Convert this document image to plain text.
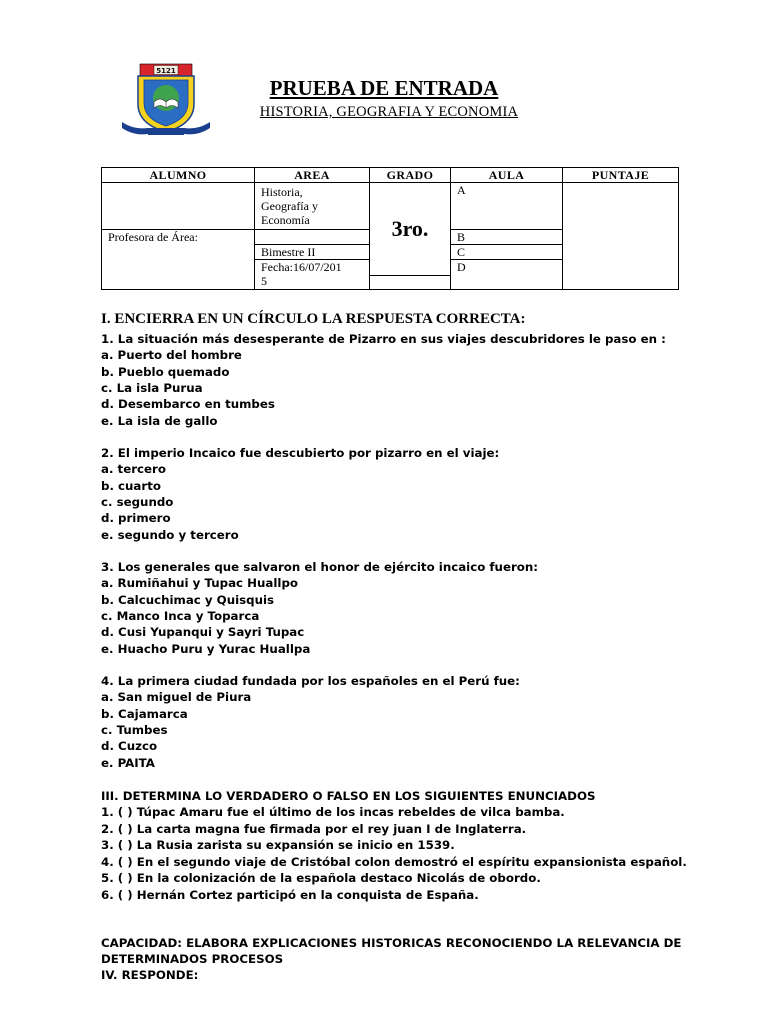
5121
PRUEBA DE ENTRADA
HISTORIA, GEOGRAFIA Y ECONOMIA
ALUMNO	AREA	GRADO	AULA	PUNTAJE

	Historia,
Geografía y
Economía	3ro.	A	

Profesora de Área:			B	
	Bimestre II		C	

	Fecha:16/07/201
5		D	

I. ENCIERRA EN UN CÍRCULO LA RESPUESTA CORRECTA:

1. La situación más desesperante de Pizarro en sus viajes descubridores le paso en :

a. Puerto del hombre

b. Pueblo quemado

c. La isla Purua

d. Desembarco en tumbes

e. La isla de gallo

2. El imperio Incaico fue descubierto por pizarro en el viaje:

a. tercero

b. cuarto

c. segundo

d. primero

e. segundo y tercero

3. Los generales que salvaron el honor de ejército incaico fueron:

a. Rumiñahui y Tupac Huallpo

b. Calcuchimac y Quisquis

c. Manco Inca y Toparca

d. Cusi Yupanqui y Sayri Tupac

e. Huacho Puru y Yurac Huallpa

4. La primera ciudad fundada por los españoles en el Perú fue:

a. San miguel de Piura

b. Cajamarca

c. Tumbes

d. Cuzco

e. PAITA

III. DETERMINA LO VERDADERO O FALSO EN LOS SIGUIENTES ENUNCIADOS

1. ( ) Túpac Amaru fue el último de los incas rebeldes de vilca bamba.

2. ( ) La carta magna fue firmada por el rey juan I de Inglaterra.

3. ( ) La Rusia zarista su expansión se inicio en 1539.

4. ( ) En el segundo viaje de Cristóbal colon demostró el espíritu expansionista español.

5. ( ) En la colonización de la española destaco Nicolás de obordo.

6. ( ) Hernán Cortez participó en la conquista de España.

CAPACIDAD: ELABORA EXPLICACIONES HISTORICAS RECONOCIENDO LA RELEVANCIA DE

DETERMINADOS PROCESOS

IV. RESPONDE:
